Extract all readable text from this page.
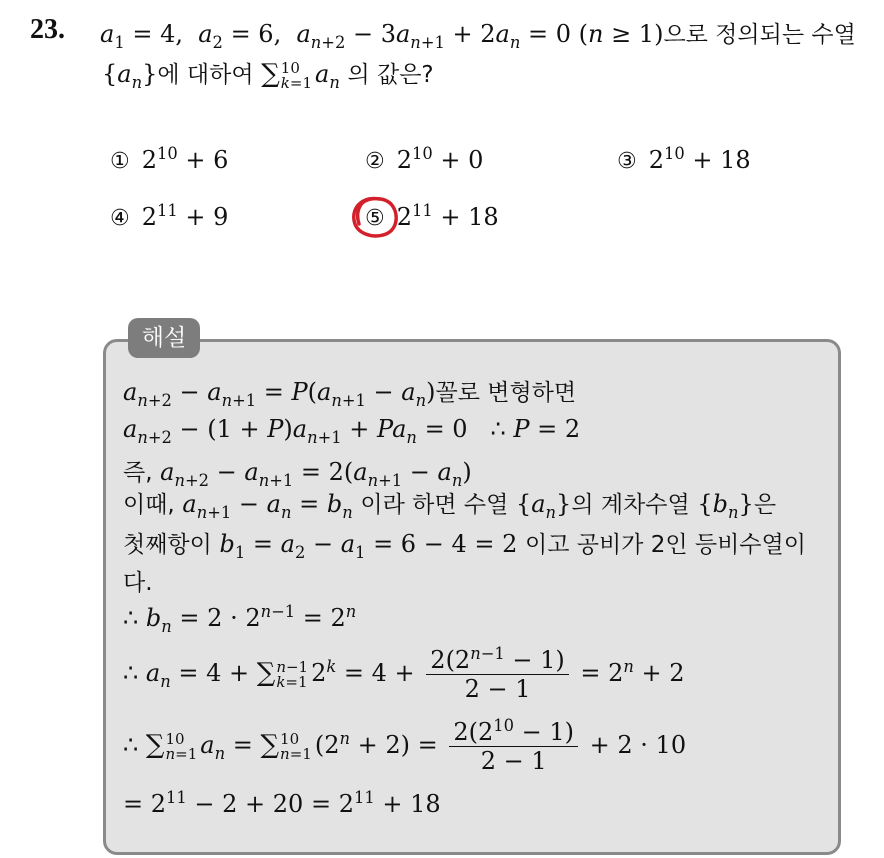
23. $a_1 = 4$,  $a_2 = 6$,  $a_{n+2} - 3a_{n+1} + 2a_n = 0$ (n ≥ 1)으로 정의되는 수열
$\{a_n\}$에 대하여 ∑ 10
k=1 $a_n$ 의 값은?
① $2^{10} + 6$	② $2^{10} + 0$	③ $2^{10} + 18$
④ $2^{11} + 9$	⑤ $2^{11} + 18$
해설
$a_{n+2} - a_{n+1} = P(a_{n+1} - a_n)$꼴로 변형하면
$a_{n+2} - (1 + P)a_{n+1} + Pa_n = 0$   ∴ P = 2
즉, $a_{n+2} - a_{n+1} = 2(a_{n+1} - a_n)$
이때, $a_{n+1} - a_n = b_n$ 이라 하면 수열 $\{a_n\}$의 계차수열 $\{b_n\}$은
첫째항이 $b_1 = a_2 - a_1 = 6 - 4 = 2$ 이고 공비가 2인 등비수열이
다.
∴ $b_n = 2 \cdot 2^{n-1} = 2^n$
∴ $a_n = 4$ + ∑ n−1
k=1 $2^k = 4 + \frac{2(2^{n-1} - 1)}{2 - 1} = 2^n + 2$
∴ ∑ 10
n=1 $a_n$ = ∑ 10
n=1 $(2^n + 2) = \frac{2(2^{10} - 1)}{2 - 1} + 2 \cdot 10$
= $2^{11} - 2 + 20 = 2^{11} + 18$
